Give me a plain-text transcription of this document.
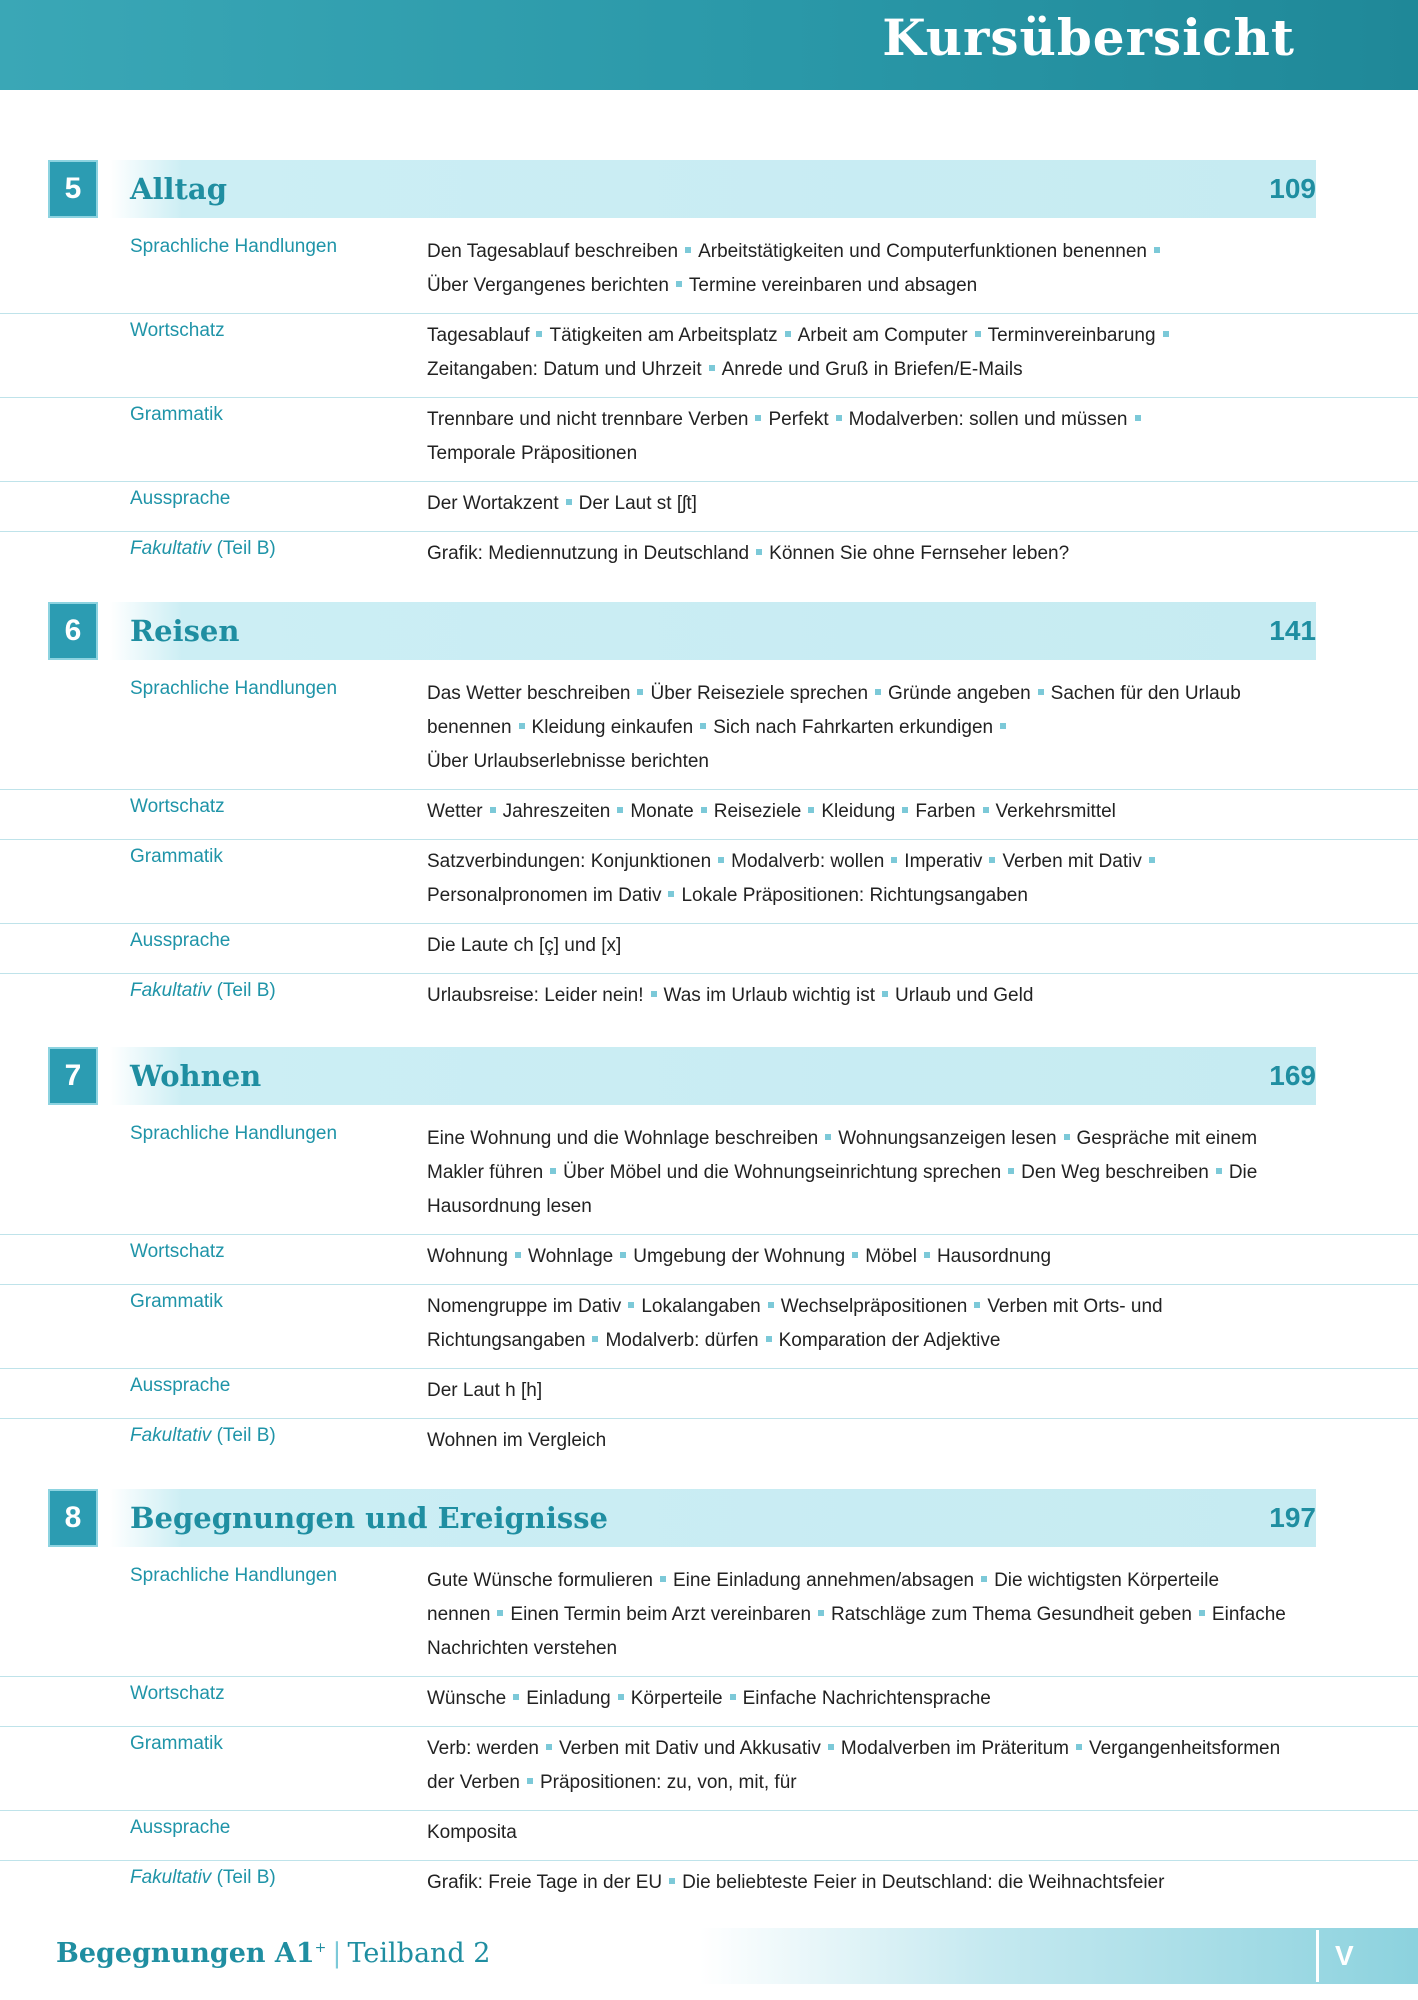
Kursübersicht
5	Alltag	109
Sprachliche Handlungen	Den Tagesablauf beschreiben Arbeitstätigkeiten und Computerfunktionen benennen
Über Vergangenes berichten Termine vereinbaren und absagen
Wortschatz	Tagesablauf Tätigkeiten am Arbeitsplatz Arbeit am Computer Terminvereinbarung
Zeitangaben: Datum und Uhrzeit Anrede und Gruß in Briefen/E-Mails
Grammatik	Trennbare und nicht trennbare Verben Perfekt Modalverben: sollen und müssen
Temporale Präpositionen
Aussprache	Der Wortakzent Der Laut st [ʃt]
Fakultativ (Teil B)	Grafik: Mediennutzung in Deutschland Können Sie ohne Fernseher leben?
6	Reisen	141
Sprachliche Handlungen	Das Wetter beschreiben Über Reiseziele sprechen Gründe angeben Sachen für den Urlaub benennen Kleidung einkaufen Sich nach Fahrkarten erkundigen
Über Urlaubserlebnisse berichten
Wortschatz	Wetter Jahreszeiten Monate Reiseziele Kleidung Farben Verkehrsmittel
Grammatik	Satzverbindungen: Konjunktionen Modalverb: wollen Imperativ Verben mit Dativ
Personalpronomen im Dativ Lokale Präpositionen: Richtungsangaben
Aussprache	Die Laute ch [ç] und [x]
Fakultativ (Teil B)	Urlaubsreise: Leider nein! Was im Urlaub wichtig ist Urlaub und Geld
7	Wohnen	169
Sprachliche Handlungen	Eine Wohnung und die Wohnlage beschreiben Wohnungsanzeigen lesen Gespräche mit einem Makler führen Über Möbel und die Wohnungseinrichtung sprechen Den Weg beschreiben Die Hausordnung lesen
Wortschatz	Wohnung Wohnlage Umgebung der Wohnung Möbel Hausordnung
Grammatik	Nomengruppe im Dativ Lokalangaben Wechselpräpositionen Verben mit Orts- und Richtungsangaben Modalverb: dürfen Komparation der Adjektive
Aussprache	Der Laut h [h]
Fakultativ (Teil B)	Wohnen im Vergleich
8	Begegnungen und Ereignisse	197
Sprachliche Handlungen	Gute Wünsche formulieren Eine Einladung annehmen/absagen Die wichtigsten Körperteile nennen Einen Termin beim Arzt vereinbaren Ratschläge zum Thema Gesundheit geben Einfache Nachrichten verstehen
Wortschatz	Wünsche Einladung Körperteile Einfache Nachrichtensprache
Grammatik	Verb: werden Verben mit Dativ und Akkusativ Modalverben im Präteritum Vergangenheitsformen der Verben Präpositionen: zu, von, mit, für
Aussprache	Komposita
Fakultativ (Teil B)	Grafik: Freie Tage in der EU Die beliebteste Feier in Deutschland: die Weihnachtsfeier
Begegnungen A1+ | Teilband 2	V
